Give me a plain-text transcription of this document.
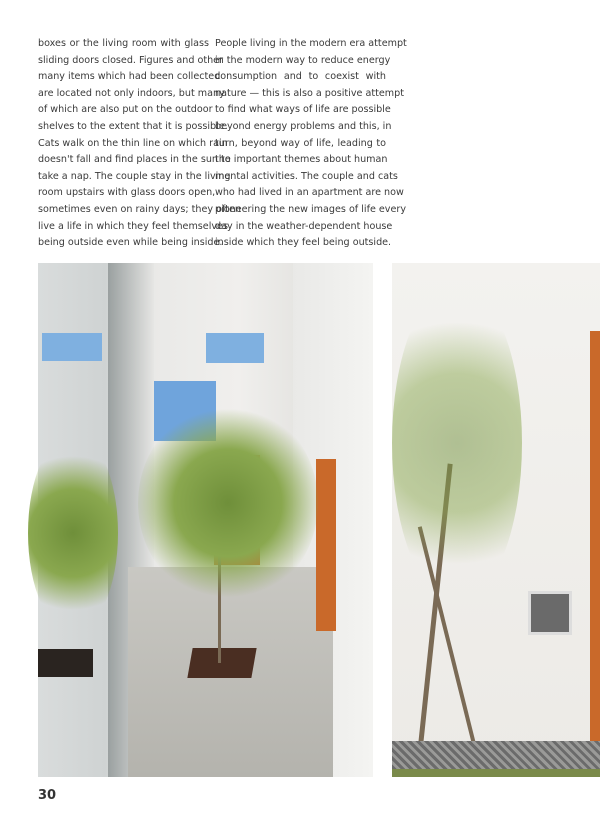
boxes or the living room with glass
sliding doors closed. Figures and other
many items which had been collected
are located not only indoors, but many
of which are also put on the outdoor
shelves to the extent that it is possible.
Cats walk on the thin line on which rain
doesn't fall and find places in the sun to
take a nap. The couple stay in the living
room upstairs with glass doors open,
sometimes even on rainy days; they often
live a life in which they feel themselves
being outside even while being inside.
People living in the modern era attempt
in the modern way to reduce energy
consumption and to coexist with
nature — this is also a positive attempt
to find what ways of life are possible
beyond energy problems and this, in
turn, beyond way of life, leading to
the important themes about human
mental activities. The couple and cats
who had lived in an apartment are now
pioneering the new images of life every
day in the weather-dependent house
inside which they feel being outside.
30
